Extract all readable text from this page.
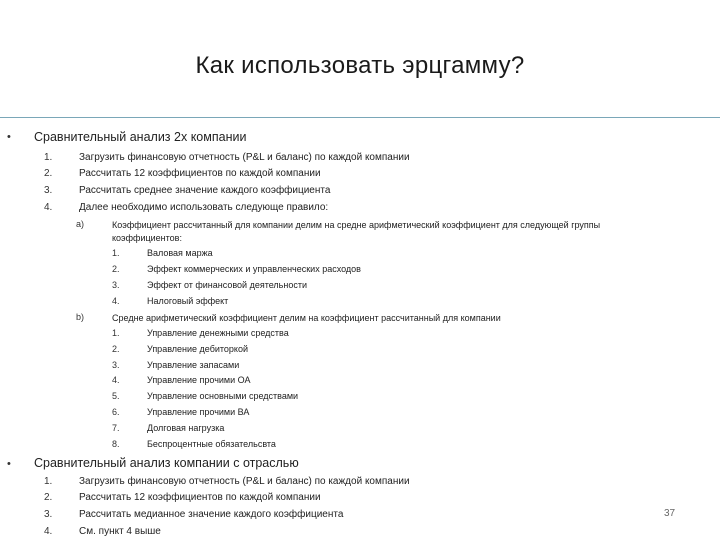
Как использовать эрцгамму?
• Сравнительный анализ 2х компании
1.	Загрузить финансовую отчетность (P&L и баланс) по каждой компании
2.	Рассчитать 12 коэффициентов по каждой компании
3.	Рассчитать среднее значение каждого коэффициента
4.	Далее необходимо использовать следующе правило:
a)	Коэффициент рассчитанный для компании делим на средне арифметический коэффициент для следующей группы коэффициентов:
1.	Валовая маржа
2.	Эффект коммерческих и управленческих расходов
3.	Эффект от финансовой деятельности
4.	Налоговый эффект
b)	Средне арифметический коэффициент делим на коэффициент рассчитанный для компании
1.	Управление денежными средства
2.	Управление дебиторкой
3.	Управление запасами
4.	Управление прочими ОА
5.	Управление основными средствами
6.	Управление прочими ВА
7.	Долговая нагрузка
8.	Беспроцентные обязательсвта
• Сравнительный анализ компании с отраслью
1.	Загрузить финансовую отчетность (P&L и баланс) по каждой компании
2.	Рассчитать 12 коэффициентов по каждой компании
3.	Рассчитать медианное значение каждого коэффициента
4.	См. пункт 4 выше
37
